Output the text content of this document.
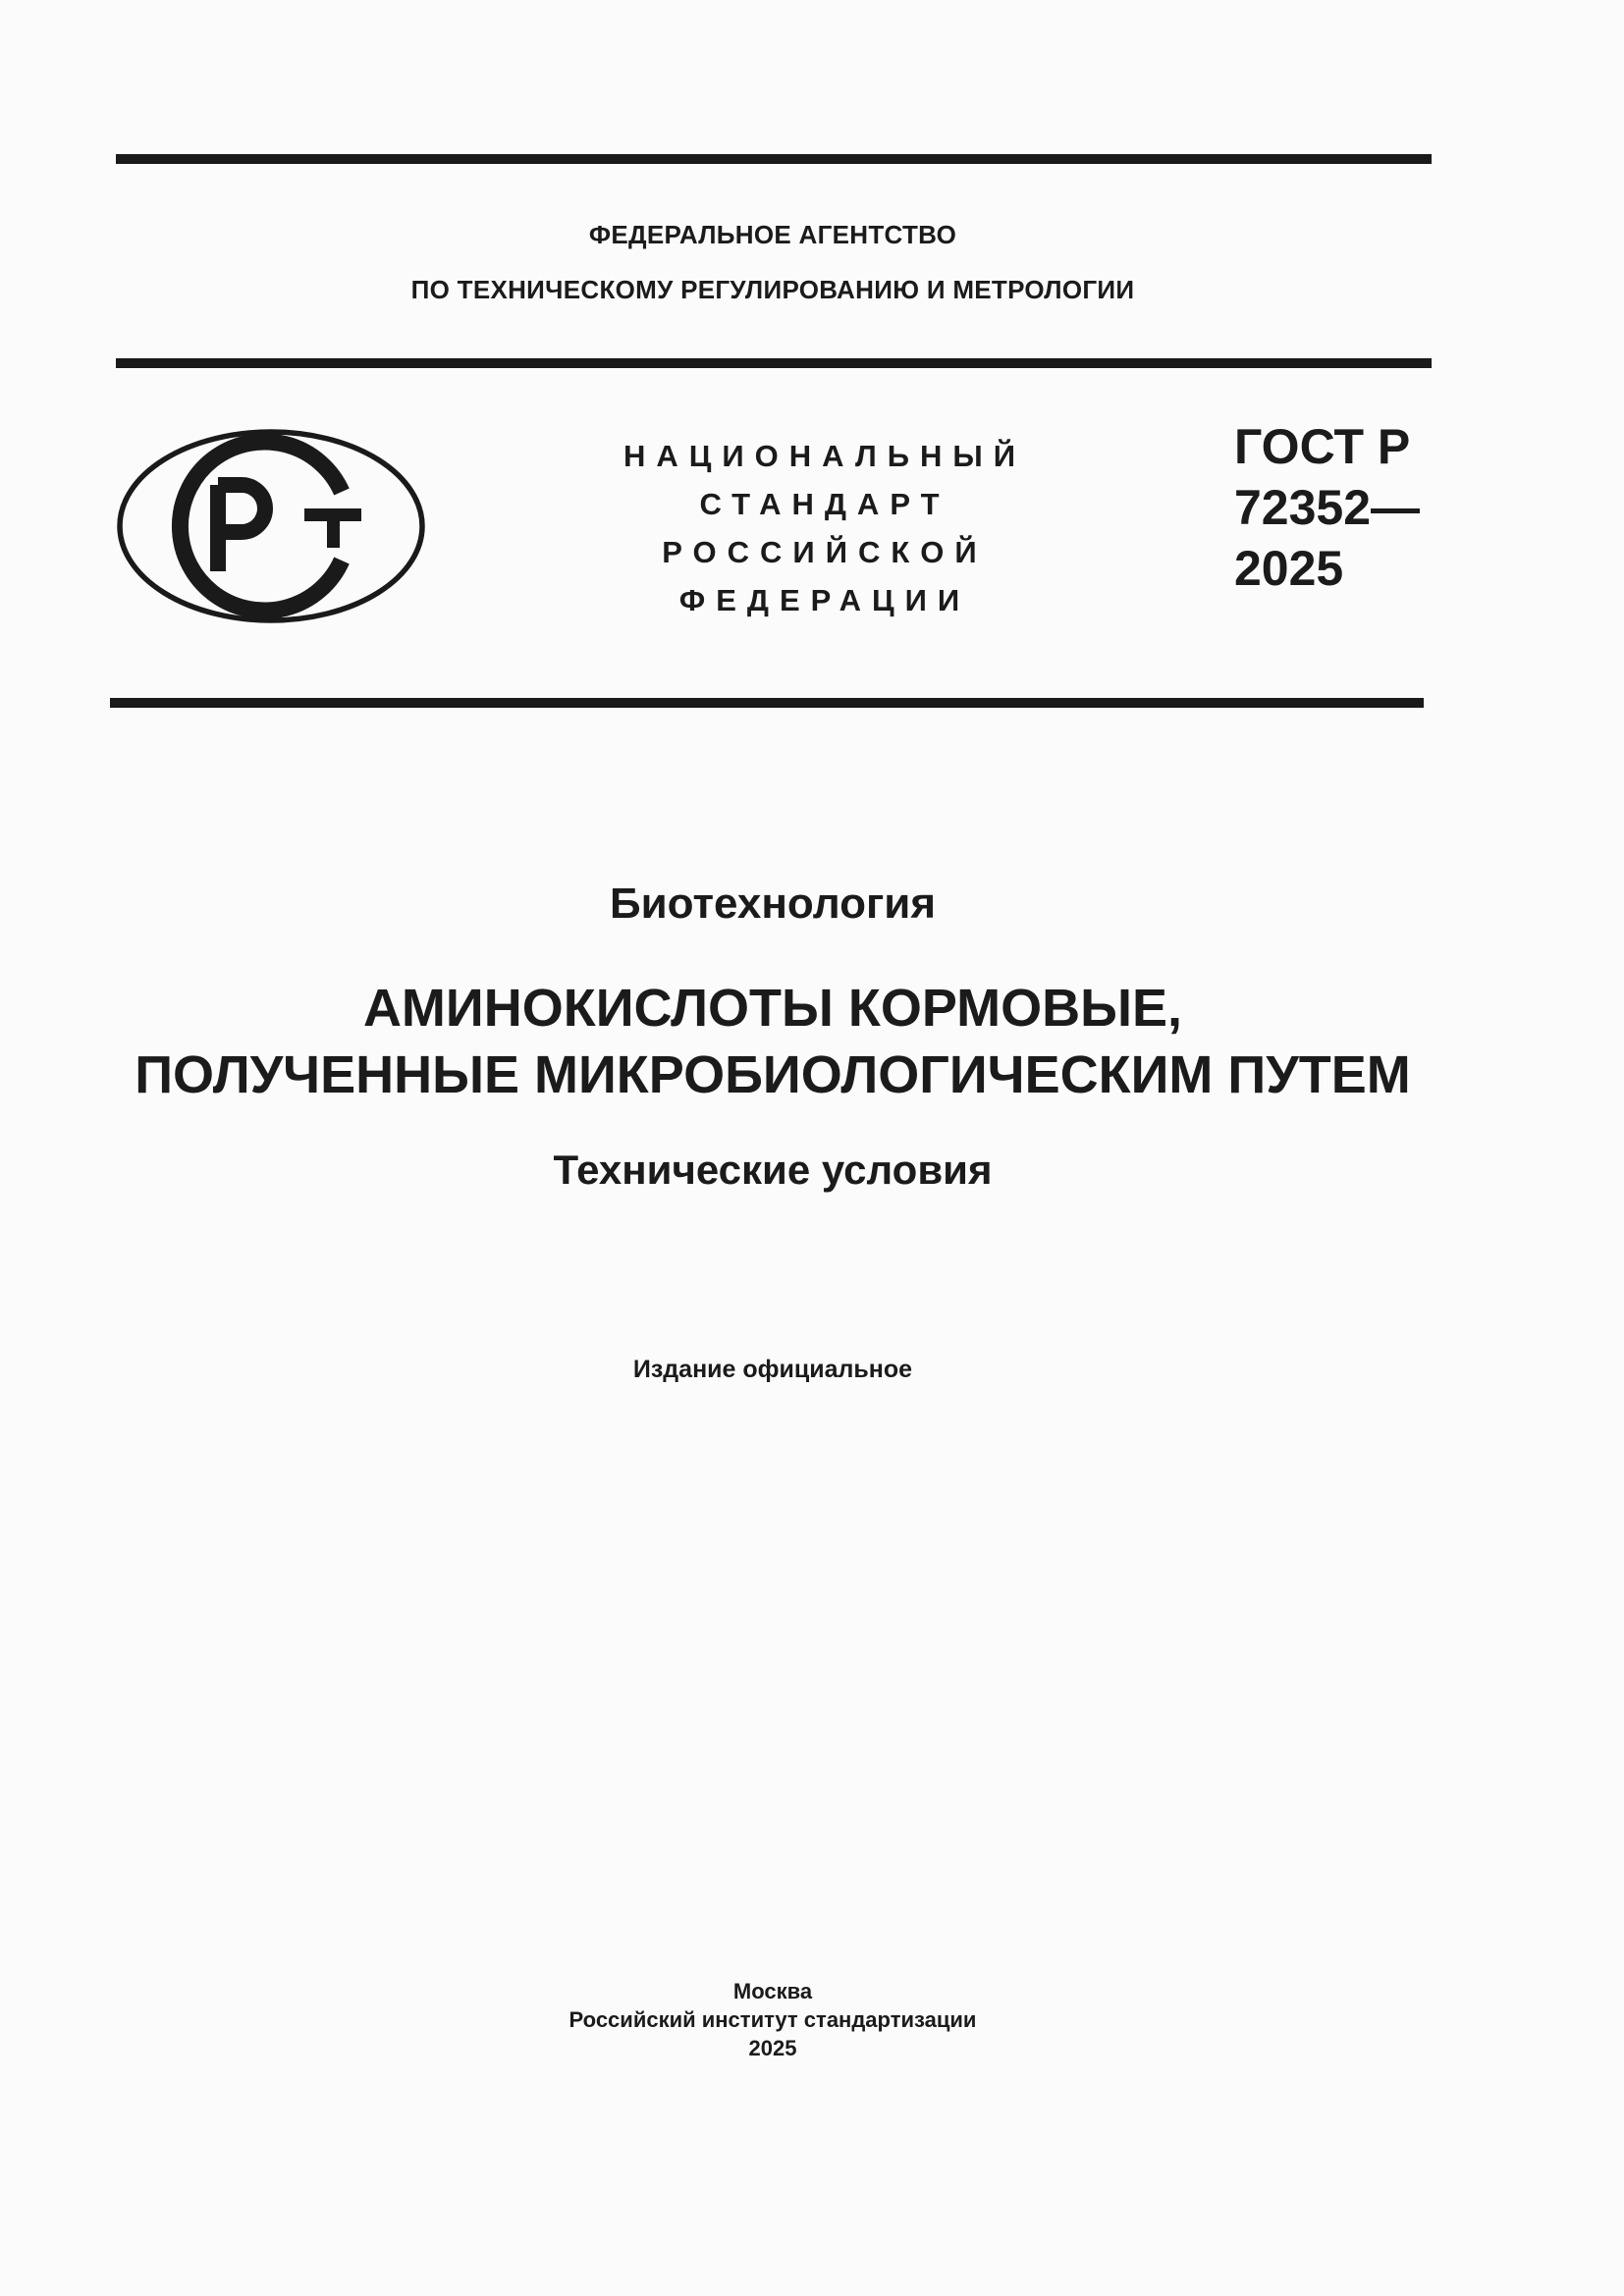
ФЕДЕРАЛЬНОЕ АГЕНТСТВО
ПО ТЕХНИЧЕСКОМУ РЕГУЛИРОВАНИЮ И МЕТРОЛОГИИ
НАЦИОНАЛЬНЫЙ
СТАНДАРТ
РОССИЙСКОЙ
ФЕДЕРАЦИИ
ГОСТ Р
72352—
2025
Биотехнология
АМИНОКИСЛОТЫ КОРМОВЫЕ,
ПОЛУЧЕННЫЕ МИКРОБИОЛОГИЧЕСКИМ ПУТЕМ
Технические условия
Издание официальное
Москва
Российский институт стандартизации
2025
